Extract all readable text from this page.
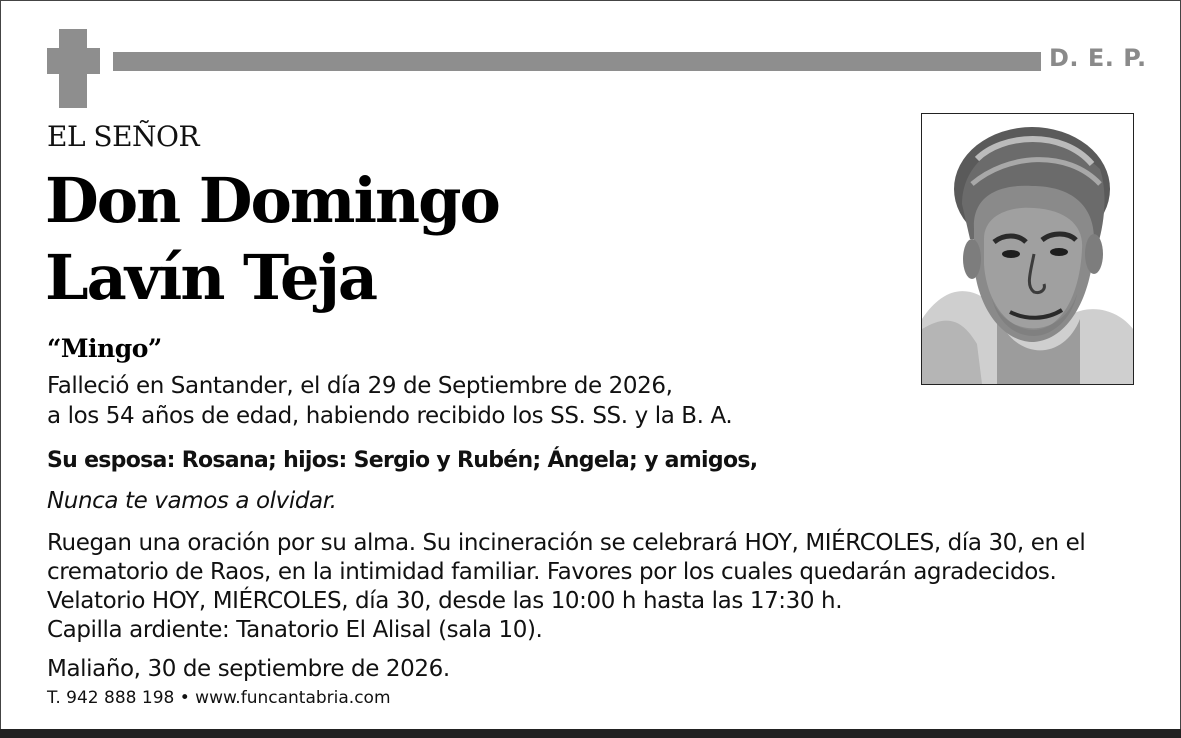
D. E. P.
EL SEÑOR
Don Domingo
Lavín Teja
“Mingo”
Falleció en Santander, el día 29 de Septiembre de 2026,
a los 54 años de edad, habiendo recibido los SS. SS. y la B. A.
Su esposa: Rosana; hijos: Sergio y Rubén; Ángela; y amigos,
Nunca te vamos a olvidar.
Ruegan una oración por su alma. Su incineración se celebrará HOY, MIÉRCOLES, día 30, en el
crematorio de Raos, en la intimidad familiar. Favores por los cuales quedarán agradecidos.
Velatorio HOY, MIÉRCOLES, día 30, desde las 10:00 h hasta las 17:30 h.
Capilla ardiente: Tanatorio El Alisal (sala 10).
Maliaño, 30 de septiembre de 2026.
T. 942 888 198 • www.funcantabria.com
